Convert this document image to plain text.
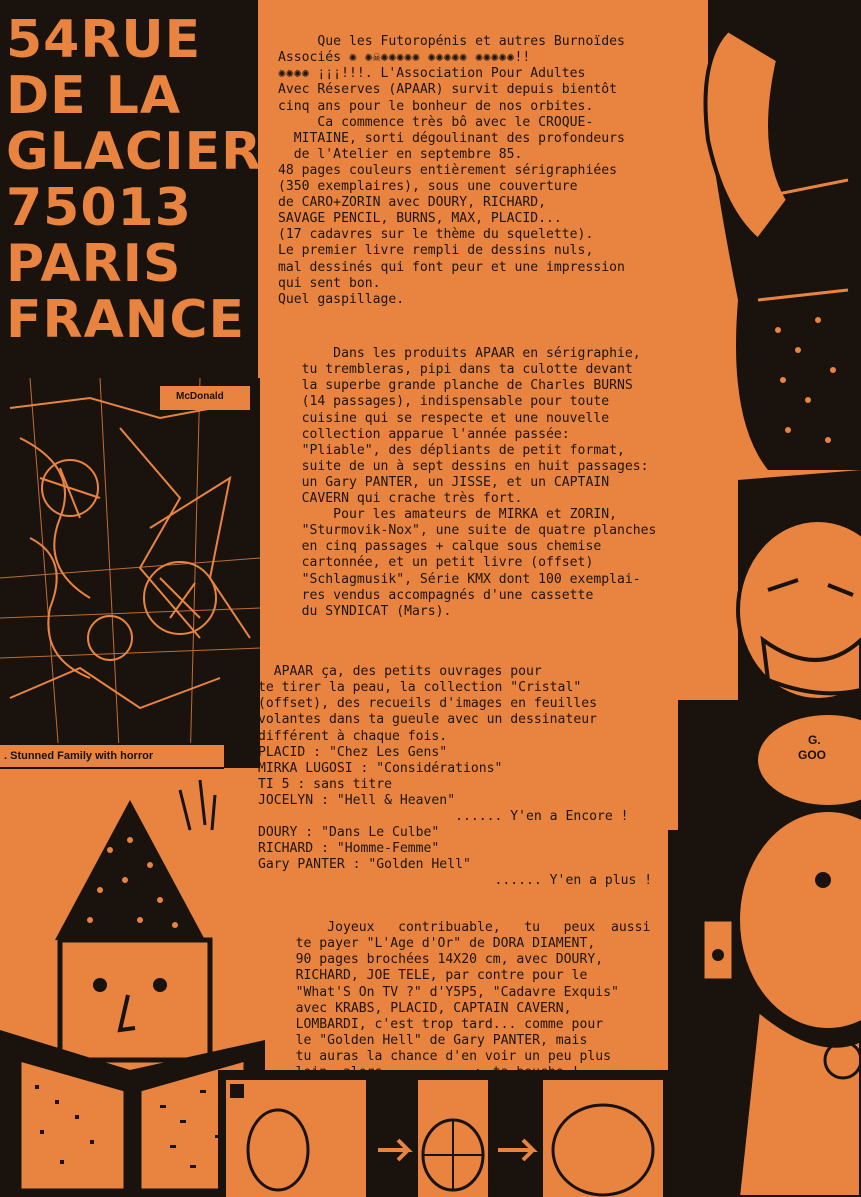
54RUE
DE LA
GLACIERE
75013
PARIS
FRANCE
McDonald
. Stunned Family with horror
G.
GOO

Que les Futoropénis et autres Burnoïdes
Associés ✺ ✺☠✺✺✺✺✺ ✺✺✺✺✺ ✺✺✺✺✺!!
✺✺✺✺ ¡¡¡!!!. L'Association Pour Adultes
Avec Réserves (APAAR) survit depuis bientôt
cinq ans pour le bonheur de nos orbites.
Ca commence très bô avec le CROQUE-
MITAINE, sorti dégoulinant des profondeurs
de l'Atelier en septembre 85.
48 pages couleurs entièrement sérigraphiées
(350 exemplaires), sous une couverture
de CARO+ZORIN avec DOURY, RICHARD,
SAVAGE PENCIL, BURNS, MAX, PLACID...
(17 cadavres sur le thème du squelette).
Le premier livre rempli de dessins nuls,
mal dessinés qui font peur et une impression
qui sent bon.
Quel gaspillage.

Dans les produits APAAR en sérigraphie,
tu trembleras, pipi dans ta culotte devant
la superbe grande planche de Charles BURNS
(14 passages), indispensable pour toute
cuisine qui se respecte et une nouvelle
collection apparue l'année passée:
"Pliable", des dépliants de petit format,
suite de un à sept dessins en huit passages:
un Gary PANTER, un JISSE, et un CAPTAIN
CAVERN qui crache très fort.
Pour les amateurs de MIRKA et ZORIN,
"Sturmovik-Nox", une suite de quatre planches
en cinq passages + calque sous chemise
cartonnée, et un petit livre (offset)
"Schlagmusik", Série KMX dont 100 exemplai-
res vendus accompagnés d'une cassette
du SYNDICAT (Mars).

APAAR ça, des petits ouvrages pour
te tirer la peau, la collection "Cristal"
(offset), des recueils d'images en feuilles
volantes dans ta gueule avec un dessinateur
différent à chaque fois.
PLACID : "Chez Les Gens"
MIRKA LUGOSI : "Considérations"
TI 5 : sans titre
JOCELYN : "Hell & Heaven"
...... Y'en a Encore !
DOURY : "Dans Le Culbe"
RICHARD : "Homme-Femme"
Gary PANTER : "Golden Hell"
...... Y'en a plus !

Joyeux   contribuable,   tu   peux  aussi
te payer "L'Age d'Or" de DORA DIAMENT,
90 pages brochées 14X20 cm, avec DOURY,
RICHARD, JOE TELE, par contre pour le
"What'S On TV ?" d'Y5P5, "Cadavre Exquis"
avec KRABS, PLACID, CAPTAIN CAVERN,
LOMBARDI, c'est trop tard... comme pour
le "Golden Hell" de Gary PANTER, mais
tu auras la chance d'en voir un peu plus
loin, alors, ——————————▷ ta bouche !
